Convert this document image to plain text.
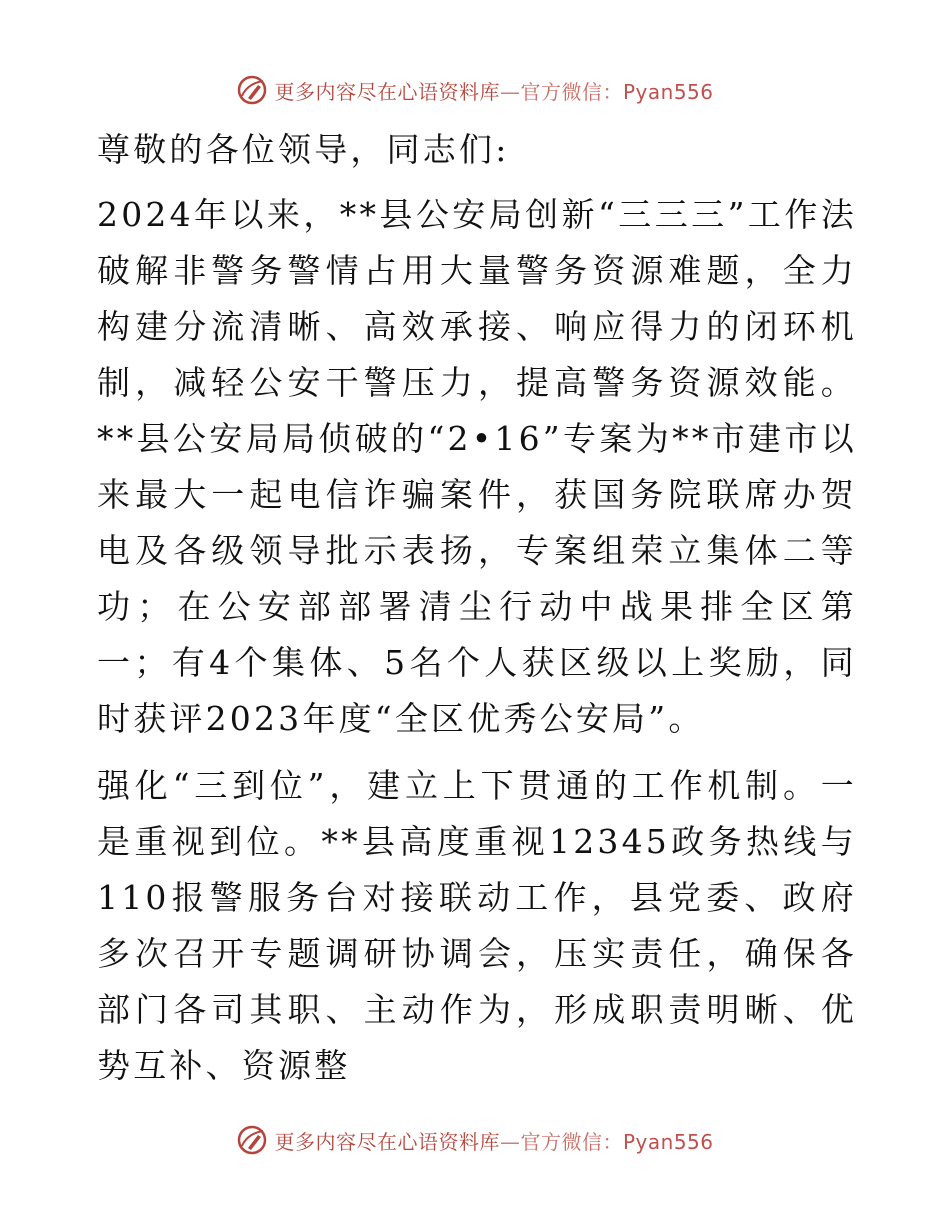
更多内容尽在心语资料库—官方微信：Pyan556

尊敬的各位领导，同志们:

2024年以来，**县公安局创新“三三三”工作法破解非警务警情占用大量警务资源难题，全力构建分流清晰、高效承接、响应得力的闭环机制，减轻公安干警压力，提高警务资源效能。**县公安局局侦破的“2•16”专案为**市建市以来最大一起电信诈骗案件，获国务院联席办贺电及各级领导批示表扬，专案组荣立集体二等功；在公安部部署清尘行动中战果排全区第一；有4个集体、5名个人获区级以上奖励，同时获评2023年度“全区优秀公安局”。

强化“三到位”，建立上下贯通的工作机制。一是重视到位。**县高度重视12345政务热线与110报警服务台对接联动工作，县党委、政府多次召开专题调研协调会，压实责任，确保各部门各司其职、主动作为，形成职责明晰、优势互补、资源整

更多内容尽在心语资料库—官方微信：Pyan556
